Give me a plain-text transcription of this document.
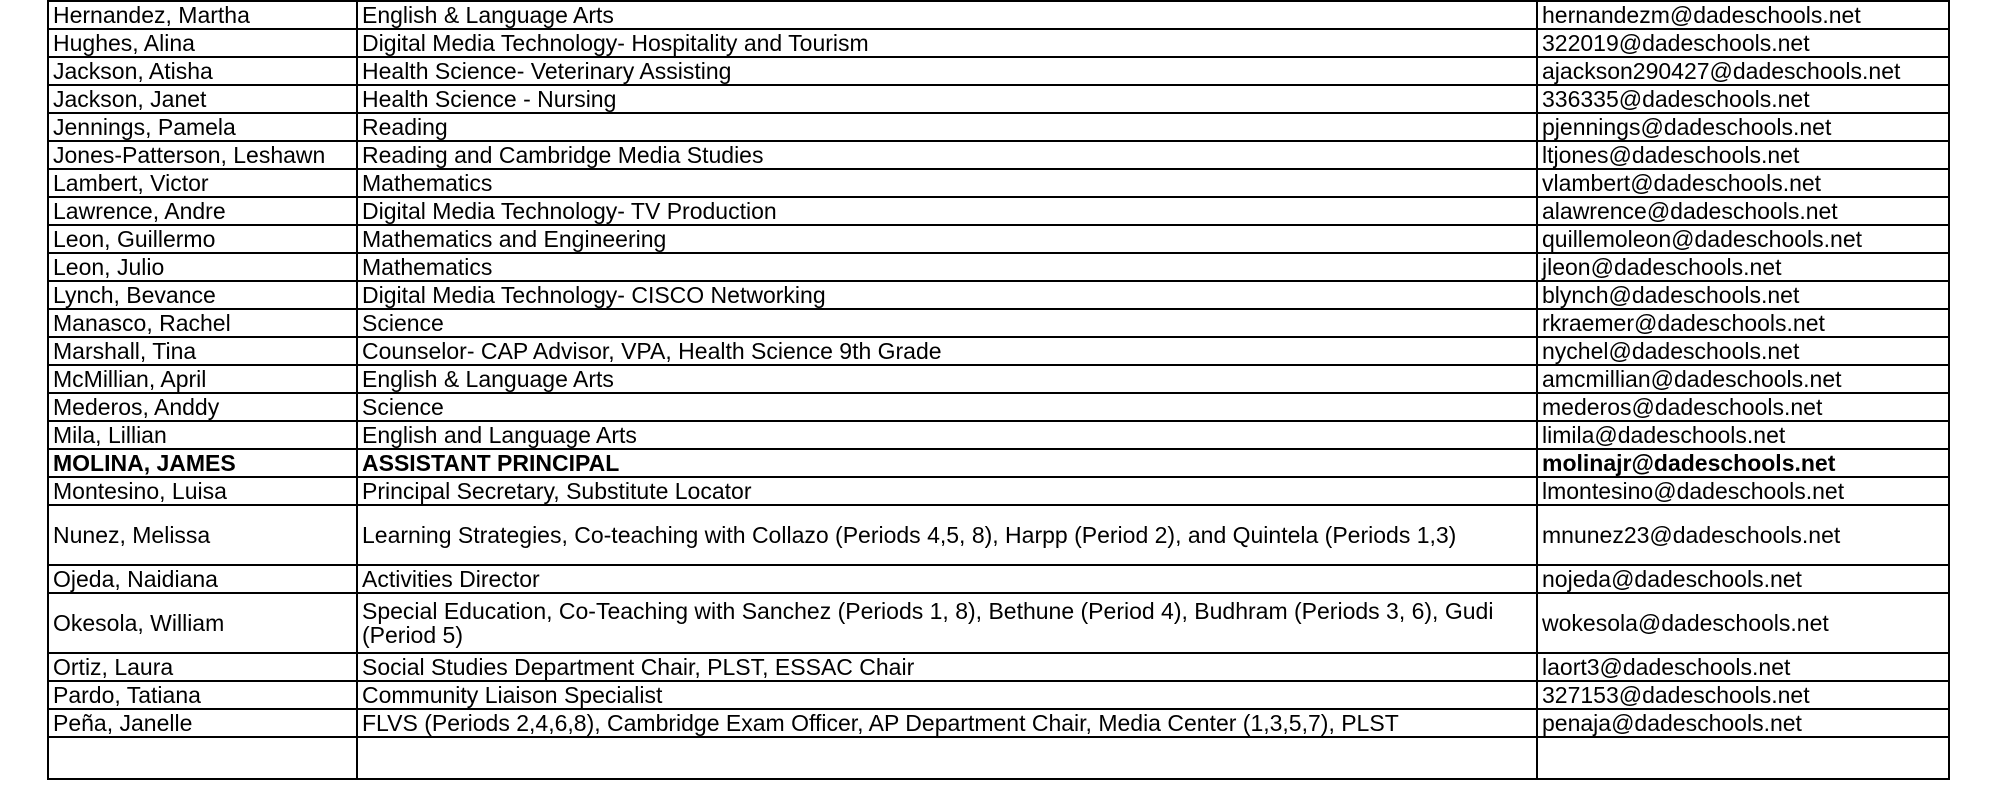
Hernandez, Martha	English & Language Arts	hernandezm@dadeschools.net
Hughes, Alina	Digital Media Technology- Hospitality and Tourism	322019@dadeschools.net
Jackson, Atisha	Health Science- Veterinary Assisting	ajackson290427@dadeschools.net
Jackson, Janet	Health Science - Nursing	336335@dadeschools.net
Jennings, Pamela	Reading	pjennings@dadeschools.net
Jones-Patterson, Leshawn	Reading and Cambridge Media Studies	ltjones@dadeschools.net
Lambert, Victor	Mathematics	vlambert@dadeschools.net
Lawrence, Andre	Digital Media Technology- TV Production	alawrence@dadeschools.net
Leon, Guillermo	Mathematics and Engineering	quillemoleon@dadeschools.net
Leon, Julio	Mathematics	jleon@dadeschools.net
Lynch, Bevance	Digital Media Technology- CISCO Networking	blynch@dadeschools.net
Manasco, Rachel	Science	rkraemer@dadeschools.net
Marshall, Tina	Counselor- CAP Advisor, VPA, Health Science 9th Grade	nychel@dadeschools.net
McMillian, April	English & Language Arts	amcmillian@dadeschools.net
Mederos, Anddy	Science	mederos@dadeschools.net
Mila, Lillian	English and Language Arts	limila@dadeschools.net
MOLINA, JAMES	ASSISTANT PRINCIPAL	molinajr@dadeschools.net
Montesino, Luisa	Principal Secretary, Substitute Locator	lmontesino@dadeschools.net
Nunez, Melissa	Learning Strategies, Co-teaching with Collazo (Periods 4,5, 8), Harpp (Period 2), and Quintela (Periods 1,3)	mnunez23@dadeschools.net
Ojeda, Naidiana	Activities Director	nojeda@dadeschools.net
Okesola, William	Special Education, Co-Teaching with Sanchez (Periods 1, 8), Bethune (Period 4), Budhram (Periods 3, 6), Gudi (Period 5)	wokesola@dadeschools.net
Ortiz, Laura	Social Studies Department Chair, PLST, ESSAC Chair	laort3@dadeschools.net
Pardo, Tatiana	Community Liaison Specialist	327153@dadeschools.net
Peña, Janelle	FLVS (Periods 2,4,6,8), Cambridge Exam Officer, AP Department Chair, Media Center (1,3,5,7), PLST	penaja@dadeschools.net
